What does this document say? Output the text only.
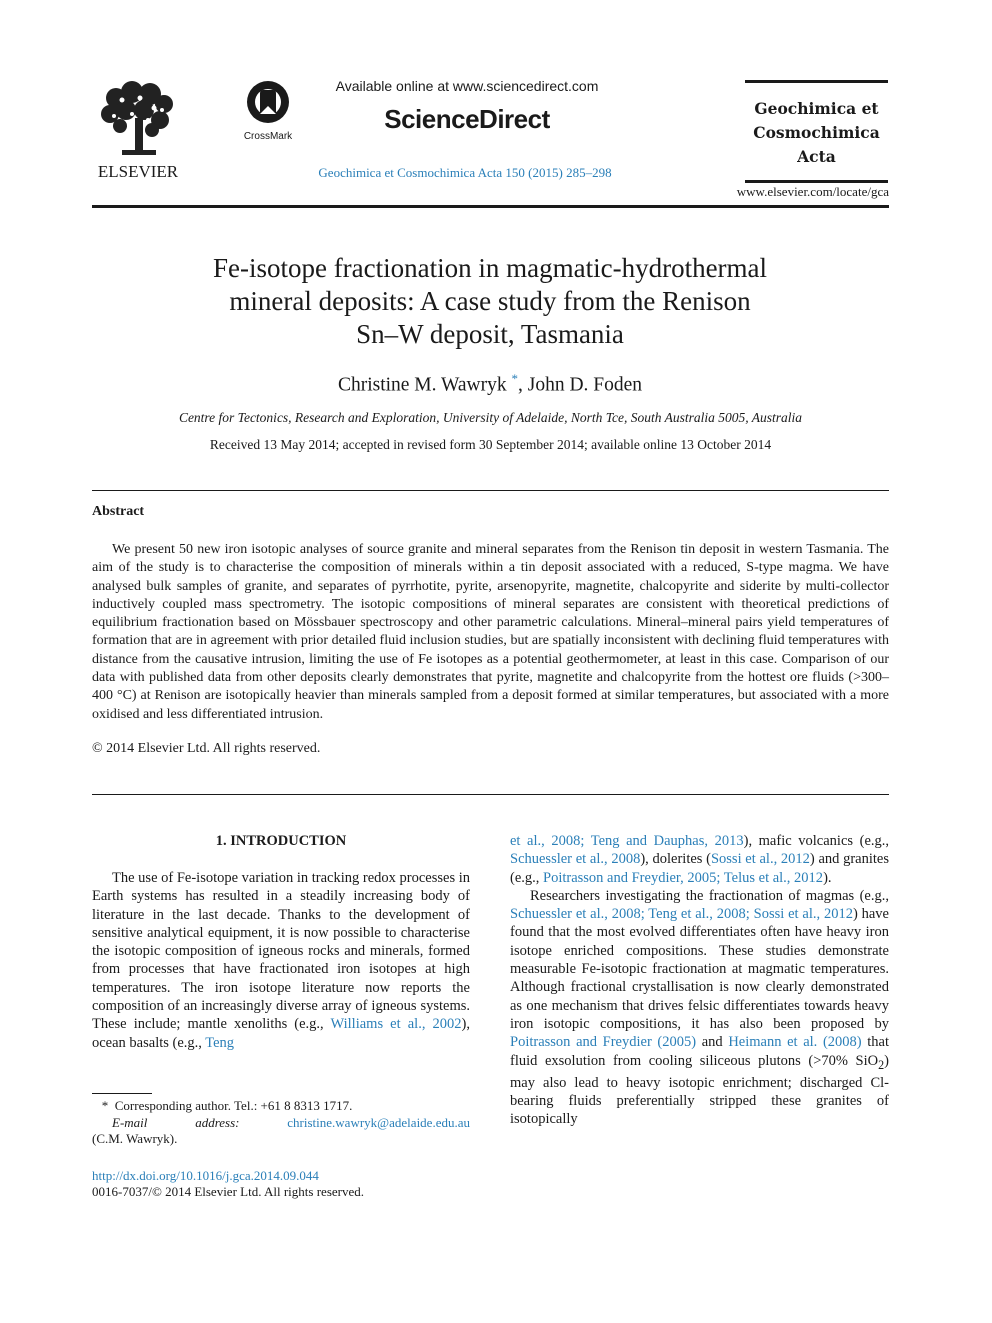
ELSEVIER
CrossMark
Available online at www.sciencedirect.com
ScienceDirect
Geochimica et Cosmochimica Acta 150 (2015) 285–298
Geochimica et
Cosmochimica
Acta
www.elsevier.com/locate/gca
Fe-isotope fractionation in magmatic-hydrothermal
mineral deposits: A case study from the Renison
Sn–W deposit, Tasmania
Christine M. Wawryk *, John D. Foden
Centre for Tectonics, Research and Exploration, University of Adelaide, North Tce, South Australia 5005, Australia
Received 13 May 2014; accepted in revised form 30 September 2014; available online 13 October 2014
Abstract
We present 50 new iron isotopic analyses of source granite and mineral separates from the Renison tin deposit in western Tasmania. The aim of the study is to characterise the composition of minerals within a tin deposit associated with a reduced, S-type magma. We have analysed bulk samples of granite, and separates of pyrrhotite, pyrite, arsenopyrite, magnetite, chalcopyrite and siderite by multi-collector inductively coupled mass spectrometry. The isotopic compositions of mineral separates are consistent with theoretical predictions of equilibrium fractionation based on Mössbauer spectroscopy and other parametric calculations. Mineral–mineral pairs yield temperatures of formation that are in agreement with prior detailed fluid inclusion studies, but are spatially inconsistent with declining fluid temperatures with distance from the causative intrusion, limiting the use of Fe isotopes as a potential geothermometer, at least in this case. Comparison of our data with published data from other deposits clearly demonstrates that pyrite, magnetite and chalcopyrite from the hottest ore fluids (>300–400 °C) at Renison are isotopically heavier than minerals sampled from a deposit formed at similar temperatures, but associated with a more oxidised and less differentiated intrusion.
© 2014 Elsevier Ltd. All rights reserved.
1. INTRODUCTION

The use of Fe-isotope variation in tracking redox processes in Earth systems has resulted in a steadily increasing body of literature in the last decade. Thanks to the development of sensitive analytical equipment, it is now possible to characterise the isotopic composition of igneous rocks and minerals, formed from processes that have fractionated iron isotopes at high temperatures. The iron isotope literature now reports the composition of an increasingly diverse array of igneous systems. These include; mantle xenoliths (e.g., Williams et al., 2002), ocean basalts (e.g., Teng

et al., 2008; Teng and Dauphas, 2013), mafic volcanics (e.g., Schuessler et al., 2008), dolerites (Sossi et al., 2012) and granites (e.g., Poitrasson and Freydier, 2005; Telus et al., 2012).

Researchers investigating the fractionation of magmas (e.g., Schuessler et al., 2008; Teng et al., 2008; Sossi et al., 2012) have found that the most evolved differentiates often have heavy iron isotope enriched compositions. These studies demonstrate measurable Fe-isotopic fractionation at magmatic temperatures. Although fractional crystallisation is now clearly demonstrated as one mechanism that drives felsic differentiates towards heavy iron isotopic compositions, it has also been proposed by Poitrasson and Freydier (2005) and Heimann et al. (2008) that fluid exsolution from cooling siliceous plutons (>70% SiO$_2$) may also lead to heavy isotopic enrichment; discharged Cl-bearing fluids preferentially stripped these granites of isotopically

* Corresponding author. Tel.: +61 8 8313 1717.
E-mail	address:	christine.wawryk@adelaide.edu.au
(C.M. Wawryk).
http://dx.doi.org/10.1016/j.gca.2014.09.044
0016-7037/© 2014 Elsevier Ltd. All rights reserved.
